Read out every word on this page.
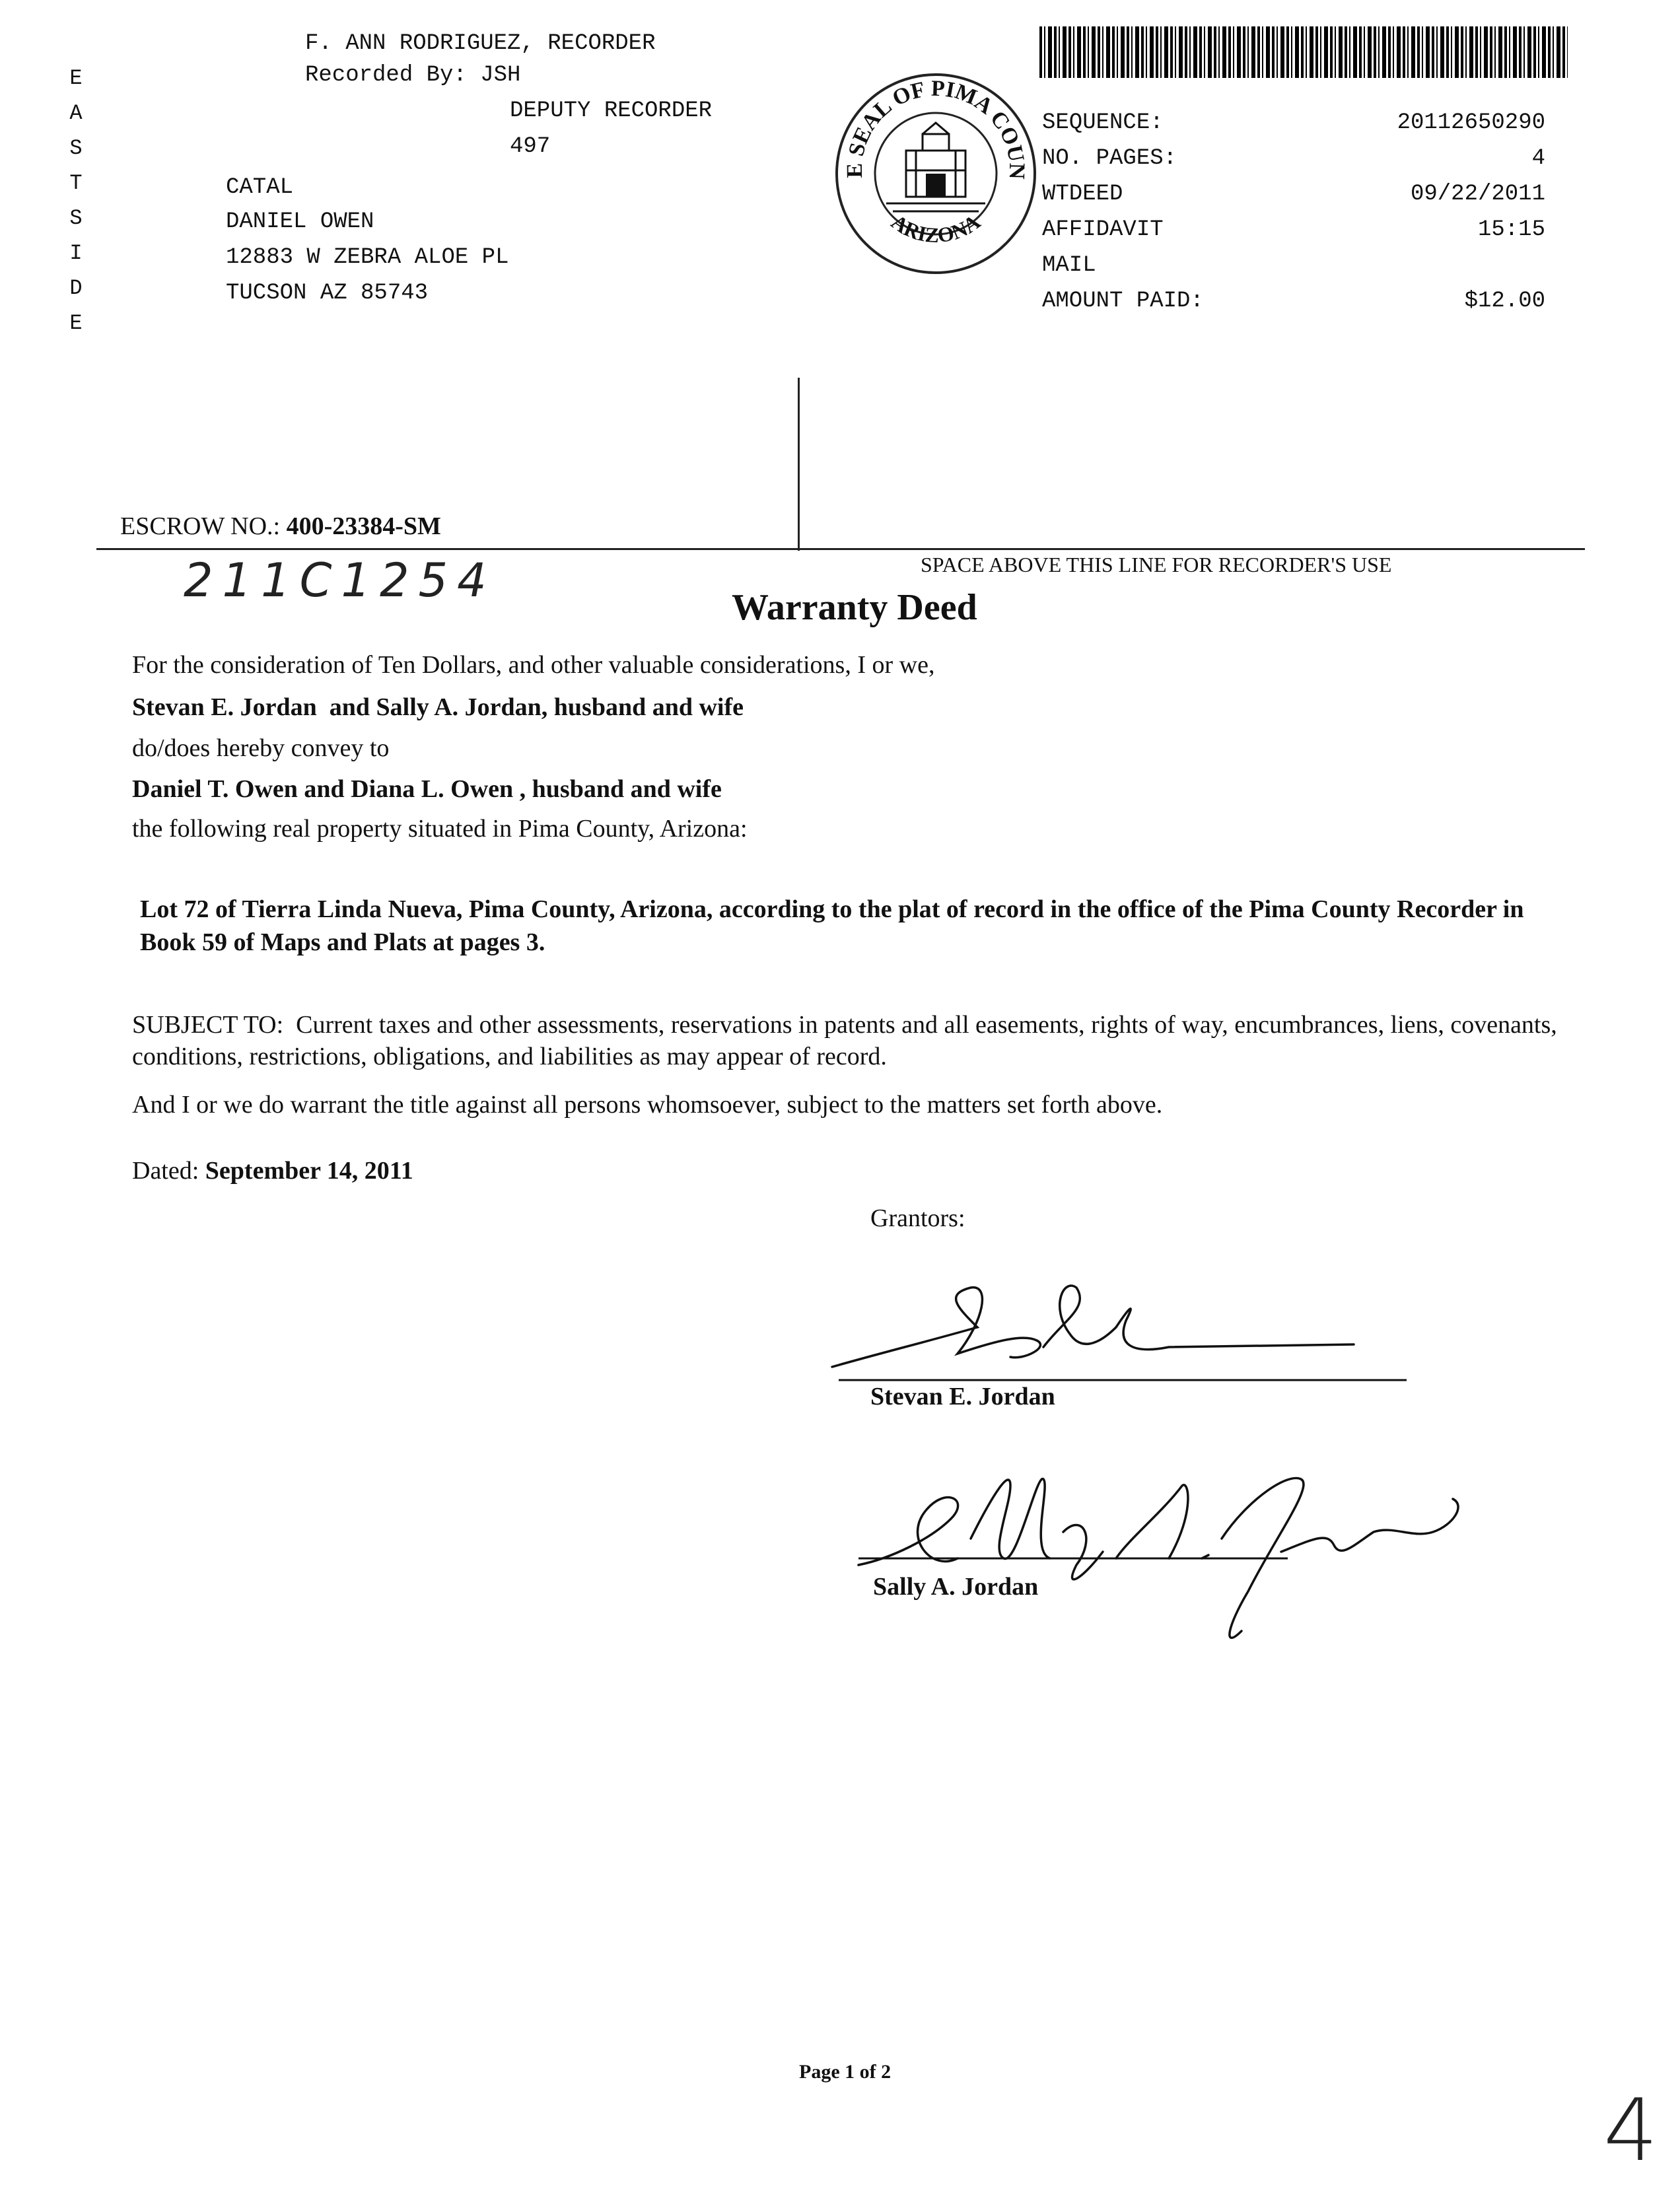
E
A
S
T
S
I
D
E
F. ANN RODRIGUEZ, RECORDER
Recorded By: JSH
DEPUTY RECORDER
497
CATAL
DANIEL OWEN
12883 W ZEBRA ALOE PL
TUCSON AZ 85743
E SEAL OF PIMA COUN
ARIZONA
SEQUENCE:	20112650290
NO. PAGES:	4
WTDEED	09/22/2011
AFFIDAVIT	15:15
MAIL
AMOUNT PAID:	$12.00
ESCROW NO.: 400-23384-SM
211C1254	SPACE ABOVE THIS LINE FOR RECORDER'S USE
Warranty Deed
For the consideration of Ten Dollars, and other valuable considerations, I or we,
Stevan E. Jordan  and Sally A. Jordan, husband and wife
do/does hereby convey to
Daniel T. Owen and Diana L. Owen , husband and wife
the following real property situated in Pima County, Arizona:
Lot 72 of Tierra Linda Nueva, Pima County, Arizona, according to the plat of record in the office of the Pima County Recorder in Book 59 of Maps and Plats at pages 3.
SUBJECT TO:  Current taxes and other assessments, reservations in patents and all easements, rights of way, encumbrances, liens, covenants, conditions, restrictions, obligations, and liabilities as may appear of record.
And I or we do warrant the title against all persons whomsoever, subject to the matters set forth above.
Dated: September 14, 2011
Grantors:
Stevan E. Jordan
Sally A. Jordan
Page 1 of 2
4
